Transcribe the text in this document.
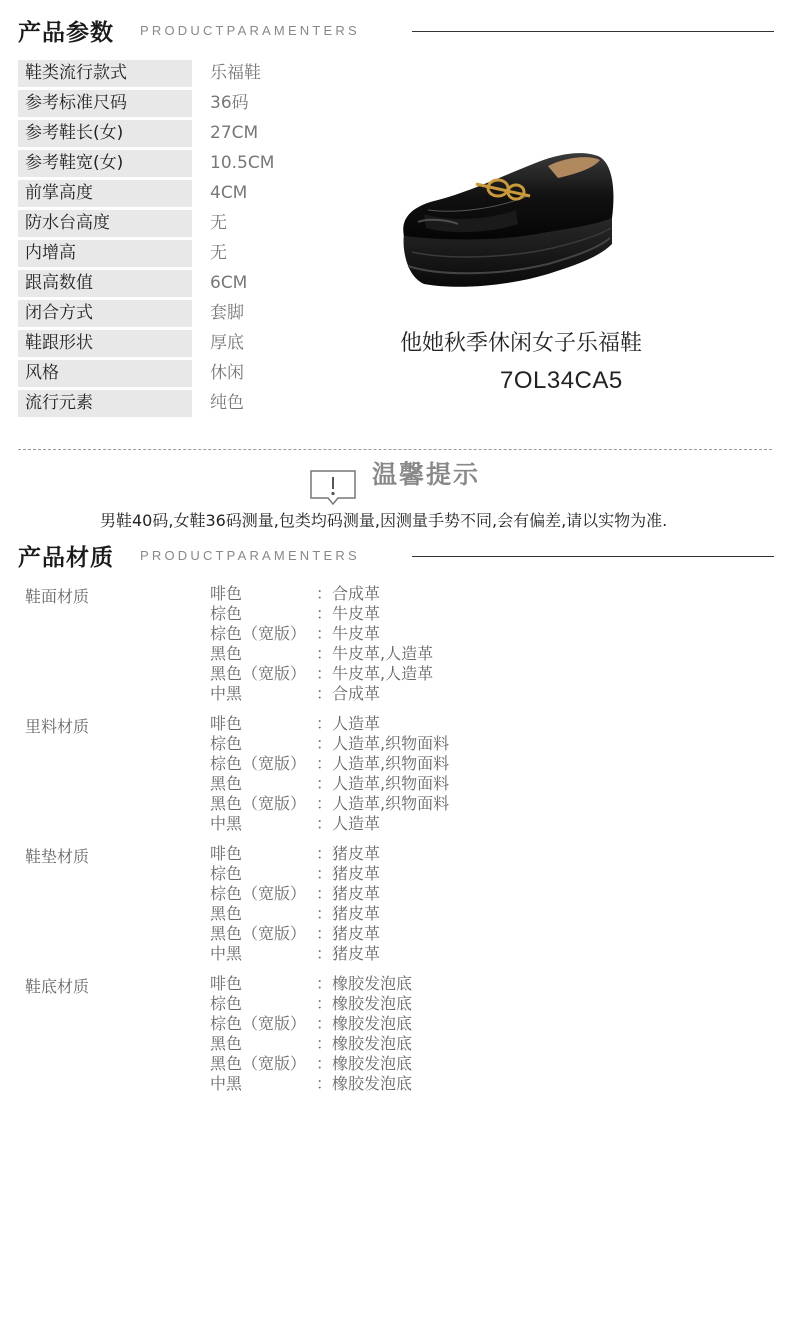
产品参数 PRODUCTPARAMENTERS
鞋类流行款式	乐福鞋
参考标准尺码	36码
参考鞋长(女)	27CM
参考鞋宽(女)	10.5CM
前掌高度	4CM
防水台高度	无
内增高	无
跟高数值	6CM
闭合方式	套脚
鞋跟形状	厚底
风格	休闲
流行元素	纯色
他她秋季休闲女子乐福鞋
7OL34CA5
温馨提示
男鞋40码,女鞋36码测量,包类均码测量,因测量手势不同,会有偏差,请以实物为准.
产品材质 PRODUCTPARAMENTERS
鞋面材质	啡色	：合成革
棕色	：牛皮革
棕色（宽版） ：牛皮革
黑色	：牛皮革,人造革
黑色（宽版） ：牛皮革,人造革
中黑	：合成革
里料材质	啡色	：人造革
棕色	：人造革,织物面料
棕色（宽版） ：人造革,织物面料
黑色	：人造革,织物面料
黑色（宽版） ：人造革,织物面料
中黑	：人造革
鞋垫材质	啡色	：猪皮革
棕色	：猪皮革
棕色（宽版） ：猪皮革
黑色	：猪皮革
黑色（宽版） ：猪皮革
中黑	：猪皮革
鞋底材质	啡色	：橡胶发泡底
棕色	：橡胶发泡底
棕色（宽版） ：橡胶发泡底
黑色	：橡胶发泡底
黑色（宽版） ：橡胶发泡底
中黑	：橡胶发泡底
